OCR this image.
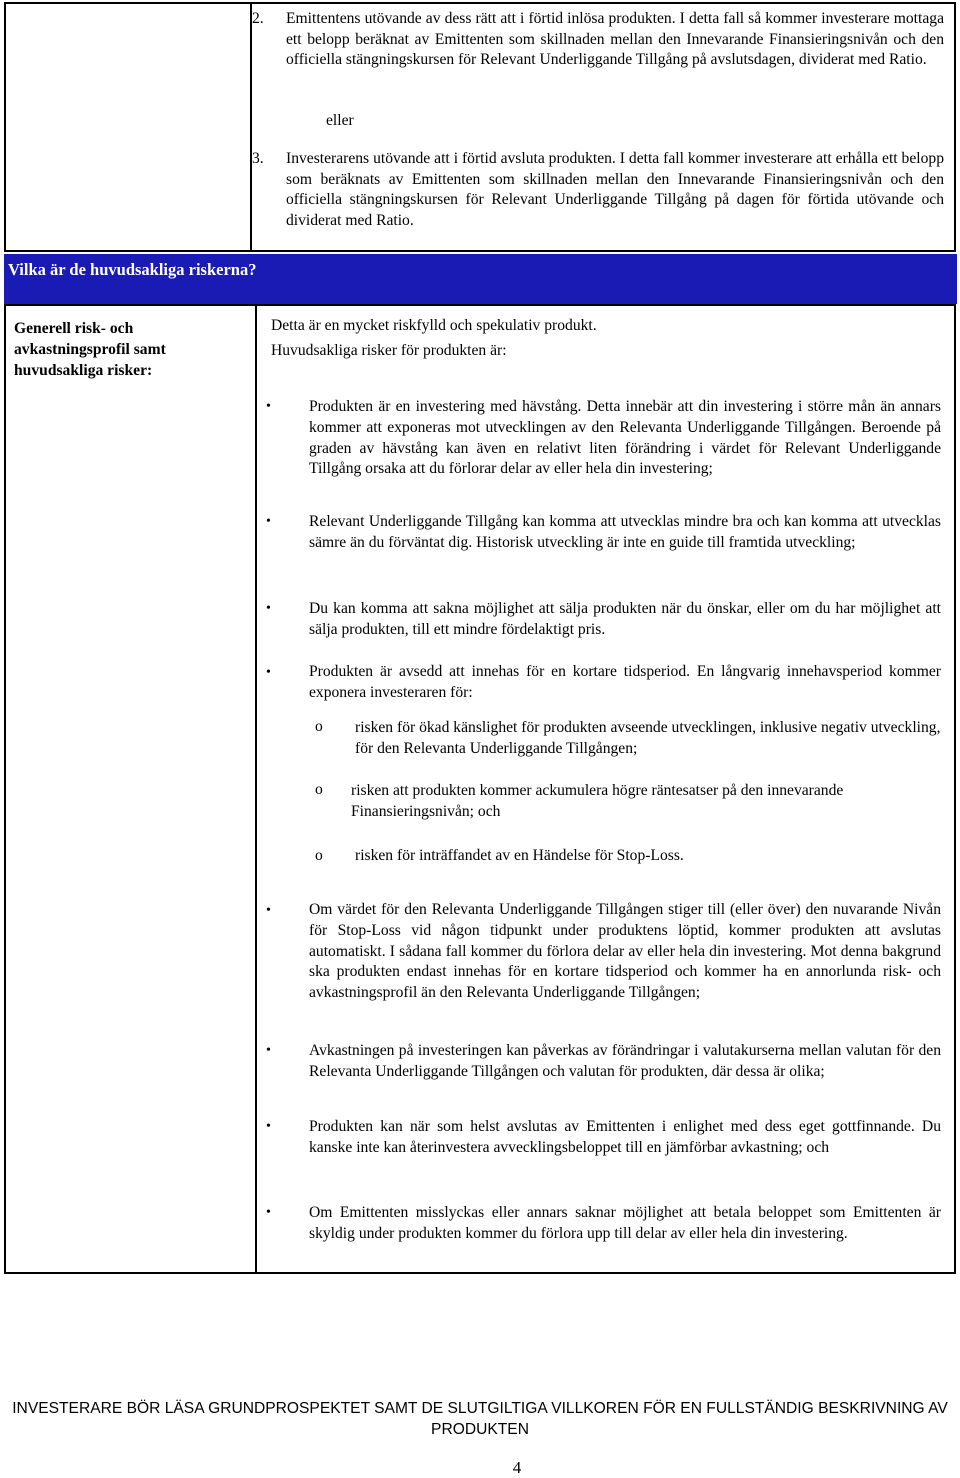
2. Emittentens utövande av dess rätt att i förtid inlösa produkten. I detta fall så kommer investerare mottaga ett belopp beräknat av Emittenten som skillnaden mellan den Innevarande Finansieringsnivån och den officiella stängningskursen för Relevant Underliggande Tillgång på avslutsdagen, dividerat med Ratio.
eller
3. Investerarens utövande att i förtid avsluta produkten. I detta fall kommer investerare att erhålla ett belopp som beräknats av Emittenten som skillnaden mellan den Innevarande Finansieringsnivån och den officiella stängningskursen för Relevant Underliggande Tillgång på dagen för förtida utövande och dividerat med Ratio.
Vilka är de huvudsakliga riskerna?
Generell risk- och avkastningsprofil samt huvudsakliga risker:
Detta är en mycket riskfylld och spekulativ produkt.
Huvudsakliga risker för produkten är:
• Produkten är en investering med hävstång. Detta innebär att din investering i större mån än annars kommer att exponeras mot utvecklingen av den Relevanta Underliggande Tillgången. Beroende på graden av hävstång kan även en relativt liten förändring i värdet för Relevant Underliggande Tillgång orsaka att du förlorar delar av eller hela din investering;
• Relevant Underliggande Tillgång kan komma att utvecklas mindre bra och kan komma att utvecklas sämre än du förväntat dig. Historisk utveckling är inte en guide till framtida utveckling;
• Du kan komma att sakna möjlighet att sälja produkten när du önskar, eller om du har möjlighet att sälja produkten, till ett mindre fördelaktigt pris.
• Produkten är avsedd att innehas för en kortare tidsperiod. En långvarig innehavsperiod kommer exponera investeraren för:
o risken för ökad känslighet för produkten avseende utvecklingen, inklusive negativ utveckling, för den Relevanta Underliggande Tillgången;
o risken att produkten kommer ackumulera högre räntesatser på den innevarande Finansieringsnivån; och
o risken för inträffandet av en Händelse för Stop-Loss.
• Om värdet för den Relevanta Underliggande Tillgången stiger till (eller över) den nuvarande Nivån för Stop-Loss vid någon tidpunkt under produktens löptid, kommer produkten att avslutas automatiskt. I sådana fall kommer du förlora delar av eller hela din investering. Mot denna bakgrund ska produkten endast innehas för en kortare tidsperiod och kommer ha en annorlunda risk- och avkastningsprofil än den Relevanta Underliggande Tillgången;
• Avkastningen på investeringen kan påverkas av förändringar i valutakurserna mellan valutan för den Relevanta Underliggande Tillgången och valutan för produkten, där dessa är olika;
• Produkten kan när som helst avslutas av Emittenten i enlighet med dess eget gottfinnande. Du kanske inte kan återinvestera avvecklingsbeloppet till en jämförbar avkastning; och
• Om Emittenten misslyckas eller annars saknar möjlighet att betala beloppet som Emittenten är skyldig under produkten kommer du förlora upp till delar av eller hela din investering.
INVESTERARE BÖR LÄSA GRUNDPROSPEKTET SAMT DE SLUTGILTIGA VILLKOREN FÖR EN FULLSTÄNDIG BESKRIVNING AV PRODUKTEN
4
